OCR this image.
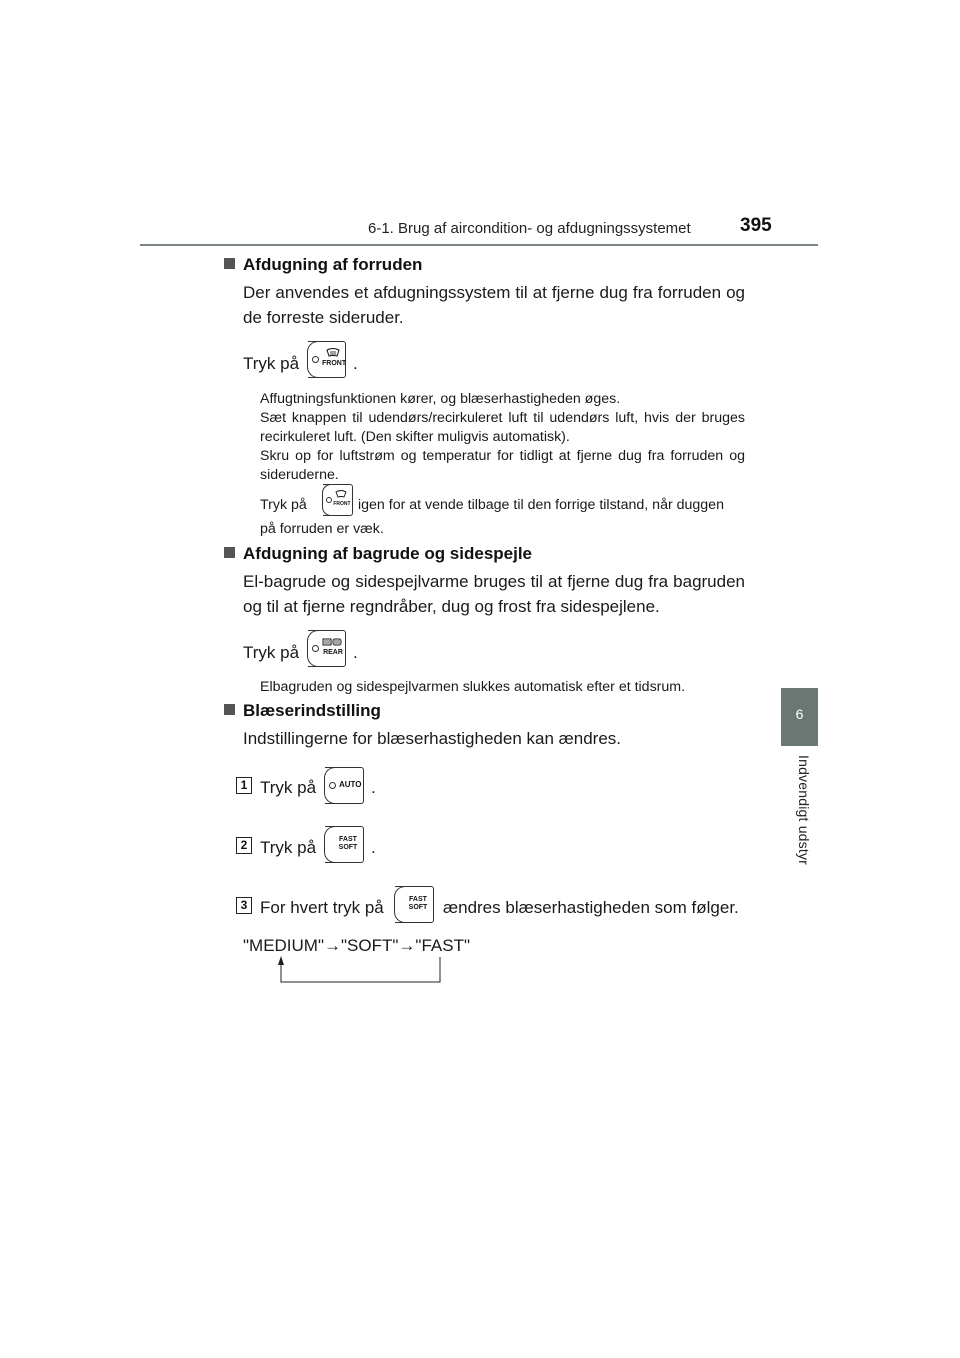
6-1. Brug af aircondition- og afdugningssystemet	395
6
Indvendigt udstyr
Afdugning af forruden
Der anvendes et afdugningssystem til at fjerne dug fra forruden og de forreste sideruder.
Tryk på	FRONT .
Affugtningsfunktionen kører, og blæserhastigheden øges.
Sæt knappen til udendørs/recirkuleret luft til udendørs luft, hvis der bruges recirkuleret luft. (Den skifter muligvis automatisk).
Skru op for luftstrøm og temperatur for tidligt at fjerne dug fra forruden og sideruderne.
Tryk på	FRONT igen for at vende tilbage til den forrige tilstand, når duggen
på forruden er væk.
Afdugning af bagrude og sidespejle
El-bagrude og sidespejlvarme bruges til at fjerne dug fra bagruden og til at fjerne regndråber, dug og frost fra sidespejlene.
Tryk på	REAR .
Elbagruden og sidespejlvarmen slukkes automatisk efter et tidsrum.
Blæserindstilling
Indstillingerne for blæserhastigheden kan ændres.
1 Tryk på	AUTO .
2 Tryk på	FAST
SOFT .
3 For hvert tryk på	FAST
SOFT ændres blæserhastigheden som følger.
"MEDIUM"→"SOFT"→"FAST"
